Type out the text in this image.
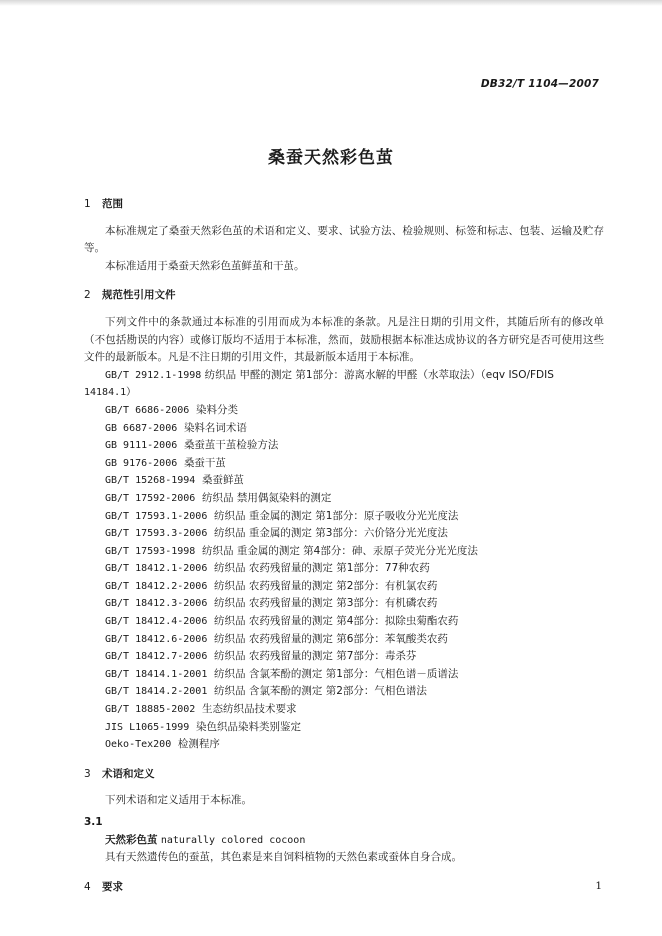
DB32/T 1104—2007
桑蚕天然彩色茧

1 范围

本标准规定了桑蚕天然彩色茧的术语和定义、要求、试验方法、检验规则、标签和标志、包装、运输及贮存等。

本标准适用于桑蚕天然彩色茧鲜茧和干茧。

2 规范性引用文件

下列文件中的条款通过本标准的引用而成为本标准的条款。凡是注日期的引用文件，其随后所有的修改单（不包括勘误的内容）或修订版均不适用于本标准，然而，鼓励根据本标准达成协议的各方研究是否可使用这些文件的最新版本。凡是不注日期的引用文件，其最新版本适用于本标准。

GB/T 2912.1-1998 纺织品 甲醛的测定 第1部分：游离水解的甲醛（水萃取法）（eqv ISO/FDIS

14184.1）

GB/T 6686-2006 染料分类

GB 6687-2006 染料名词术语

GB 9111-2006 桑蚕茧干茧检验方法

GB 9176-2006 桑蚕干茧

GB/T 15268-1994 桑蚕鲜茧

GB/T 17592-2006 纺织品 禁用偶氮染料的测定

GB/T 17593.1-2006 纺织品 重金属的测定 第1部分：原子吸收分光光度法

GB/T 17593.3-2006 纺织品 重金属的测定 第3部分：六价铬分光光度法

GB/T 17593-1998 纺织品 重金属的测定 第4部分：砷、汞原子荧光分光光度法

GB/T 18412.1-2006 纺织品 农药残留量的测定 第1部分：77种农药

GB/T 18412.2-2006 纺织品 农药残留量的测定 第2部分：有机氯农药

GB/T 18412.3-2006 纺织品 农药残留量的测定 第3部分：有机磷农药

GB/T 18412.4-2006 纺织品 农药残留量的测定 第4部分：拟除虫菊酯农药

GB/T 18412.6-2006 纺织品 农药残留量的测定 第6部分：苯氧酸类农药

GB/T 18412.7-2006 纺织品 农药残留量的测定 第7部分：毒杀芬

GB/T 18414.1-2001 纺织品 含氯苯酚的测定 第1部分：气相色谱－质谱法

GB/T 18414.2-2001 纺织品 含氯苯酚的测定 第2部分：气相色谱法

GB/T 18885-2002 生态纺织品技术要求

JIS L1065-1999 染色织品染料类别鉴定

Oeko-Tex200 检测程序

3 术语和定义

下列术语和定义适用于本标准。

3.1

天然彩色茧 naturally colored cocoon

具有天然遗传色的蚕茧，其色素是来自饲料植物的天然色素或蚕体自身合成。

4 要求	1
